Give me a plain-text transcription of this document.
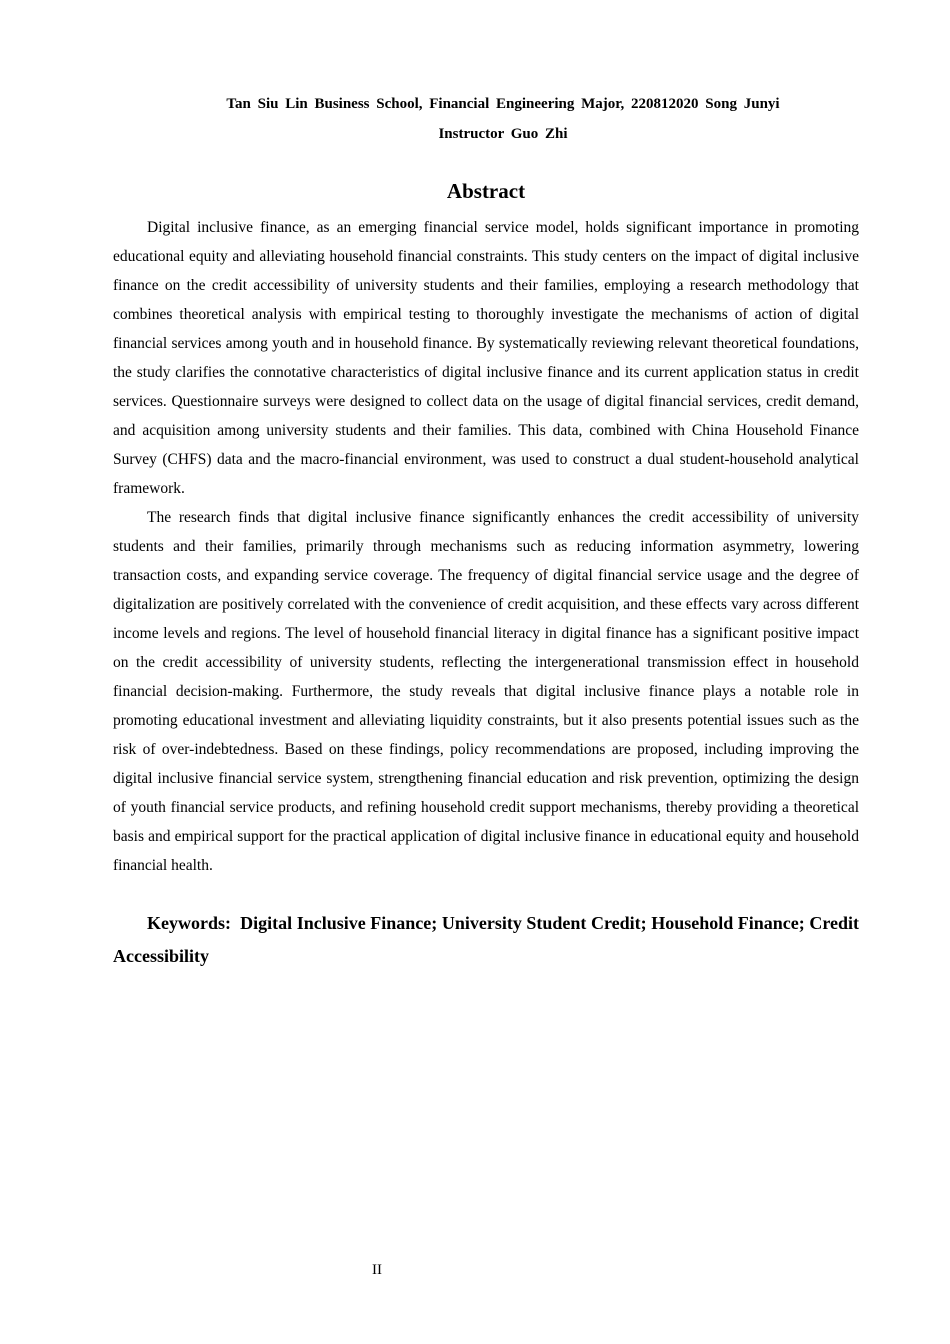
Tan Siu Lin Business School, Financial Engineering Major, 220812020 Song Junyi
Instructor Guo Zhi
Abstract

Digital inclusive finance, as an emerging financial service model, holds significant importance in promoting educational equity and alleviating household financial constraints. This study centers on the impact of digital inclusive finance on the credit accessibility of university students and their families, employing a research methodology that combines theoretical analysis with empirical testing to thoroughly investigate the mechanisms of action of digital financial services among youth and in household finance. By systematically reviewing relevant theoretical foundations, the study clarifies the connotative characteristics of digital inclusive finance and its current application status in credit services. Questionnaire surveys were designed to collect data on the usage of digital financial services, credit demand, and acquisition among university students and their families. This data, combined with China Household Finance Survey (CHFS) data and the macro-financial environment, was used to construct a dual student-household analytical framework.

The research finds that digital inclusive finance significantly enhances the credit accessibility of university students and their families, primarily through mechanisms such as reducing information asymmetry, lowering transaction costs, and expanding service coverage. The frequency of digital financial service usage and the degree of digitalization are positively correlated with the convenience of credit acquisition, and these effects vary across different income levels and regions. The level of household financial literacy in digital finance has a significant positive impact on the credit accessibility of university students, reflecting the intergenerational transmission effect in household financial decision-making. Furthermore, the study reveals that digital inclusive finance plays a notable role in promoting educational investment and alleviating liquidity constraints, but it also presents potential issues such as the risk of over-indebtedness. Based on these findings, policy recommendations are proposed, including improving the digital inclusive financial service system, strengthening financial education and risk prevention, optimizing the design of youth financial service products, and refining household credit support mechanisms, thereby providing a theoretical basis and empirical support for the practical application of digital inclusive finance in educational equity and household financial health.

Keywords: Digital Inclusive Finance; University Student Credit; Household Finance; Credit Accessibility

II
